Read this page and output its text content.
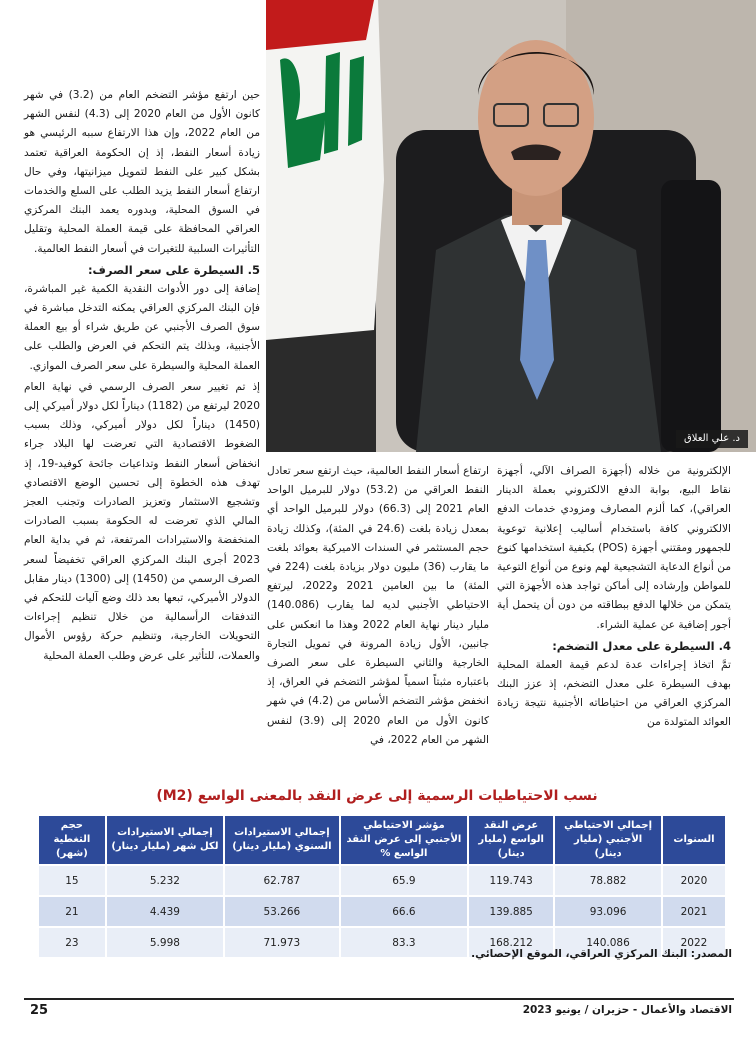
د. علي العلاق

حين ارتفع مؤشر التضخم العام من (3.2) في شهر كانون الأول من العام 2020 إلى (4.3) لنفس الشهر من العام 2022، وإن هذا الارتفاع سببه الرئيسي هو زيادة أسعار النفط، إذ إن الحكومة العراقية تعتمد بشكل كبير على النفط لتمويل ميزانيتها، وفي حال ارتفاع أسعار النفط يزيد الطلب على السلع والخدمات في السوق المحلية، وبدوره يعمد البنك المركزي العراقي المحافظة على قيمة العملة المحلية وتقليل التأثيرات السلبية للتغيرات في أسعار النفط العالمية.

5. السيطرة على سعر الصرف:

إضافة إلى دور الأدوات النقدية الكمية غير المباشرة، فإن البنك المركزي العراقي يمكنه التدخل مباشرة في سوق الصرف الأجنبي عن طريق شراء أو بيع العملة الأجنبية، وبذلك يتم التحكم في العرض والطلب على العملة المحلية والسيطرة على سعر الصرف الموازي.

إذ تم تغيير سعر الصرف الرسمي في نهاية العام 2020 ليرتفع من (1182) ديناراً لكل دولار أميركي إلى (1450) ديناراً لكل دولار أميركي، وذلك بسبب الضغوط الاقتصادية التي تعرضت لها البلاد جراء انخفاض أسعار النفط وتداعيات جائحة كوفيد-19، إذ تهدف هذه الخطوة إلى تحسين الوضع الاقتصادي وتشجيع الاستثمار وتعزيز الصادرات وتجنب العجز المالي الذي تعرضت له الحكومة بسبب الصادرات المنخفضة والاستيرادات المرتفعة، ثم في بداية العام 2023 أجرى البنك المركزي العراقي تخفيضاً لسعر الصرف الرسمي من (1450) إلى (1300) دينار مقابل الدولار الأميركي، تبعها بعد ذلك وضع آليات للتحكم في التدفقات الرأسمالية من خلال تنظيم إجراءات التحويلات الخارجية، وتنظيم حركة رؤوس الأموال والعملات، للتأثير على عرض وطلب العملة المحلية

ارتفاع أسعار النفط العالمية، حيث ارتفع سعر تعادل النفط العراقي من (53.2) دولار للبرميل الواحد العام 2021 إلى (66.3) دولار للبرميل الواحد أي بمعدل زيادة بلغت (24.6 في المئة)، وكذلك زيادة حجم المستثمر في السندات الاميركية بعوائد بلغت ما يقارب (36) مليون دولار بزيادة بلغت (224 في المئة) ما بين العامين 2021 و2022، ليرتفع الاحتياطي الأجنبي لديه لما يقارب (140.086) مليار دينار نهاية العام 2022 وهذا ما انعكس على جانبين، الأول زيادة المرونة في تمويل التجارة الخارجية والثاني السيطرة على سعر الصرف باعتباره مثبتاً اسمياً لمؤشر التضخم في العراق، إذ انخفض مؤشر التضخم الأساس من (4.2) في شهر كانون الأول من العام 2020 إلى (3.9) لنفس الشهر من العام 2022، في

الإلكترونية من خلاله (أجهزة الصراف الآلي، أجهزة نقاط البيع، بوابة الدفع الالكتروني بعملة الدينار العراقي)، كما ألزم المصارف ومزودي خدمات الدفع الالكتروني كافة باستخدام أساليب إعلانية توعوية للجمهور ومقتني أجهزة (POS) بكيفية استخدامها كنوع من أنواع الدعاية التشجيعية لهم ونوع من أنواع التوعية للمواطن وإرشاده إلى أماكن تواجد هذه الأجهزة التي يتمكن من خلالها الدفع ببطاقته من دون أن يتحمل أية أجور إضافية عن عملية الشراء.

4. السيطرة على معدل التضخم:

تمَّ اتخاذ إجراءات عدة لدعم قيمة العملة المحلية بهدف السيطرة على معدل التضخم، إذ عزز البنك المركزي العراقي من احتياطاته الأجنبية نتيجة زيادة العوائد المتولدة من

نسب الاحتياطيات الرسمية إلى عرض النقد بالمعنى الواسع (M2)
السنوات	إجمالي الاحتياطي الأجنبي (مليار دينار)	عرض النقد الواسع (مليار دينار)	مؤشر الاحتياطي الأجنبي إلى عرض النقد الواسع %	إجمالي الاستيرادات السنوي (مليار دينار)	إجمالي الاستيرادات لكل شهر (مليار دينار)	حجم التغطية (شهر)
2020	78.882	119.743	65.9	62.787	5.232	15
2021	93.096	139.885	66.6	53.266	4.439	21
2022	140.086	168.212	83.3	71.973	5.998	23
المصدر: البنك المركزي العراقي، الموقع الإحصائي.
25	الاقتصاد والأعمال - حزيران / يونيو 2023
